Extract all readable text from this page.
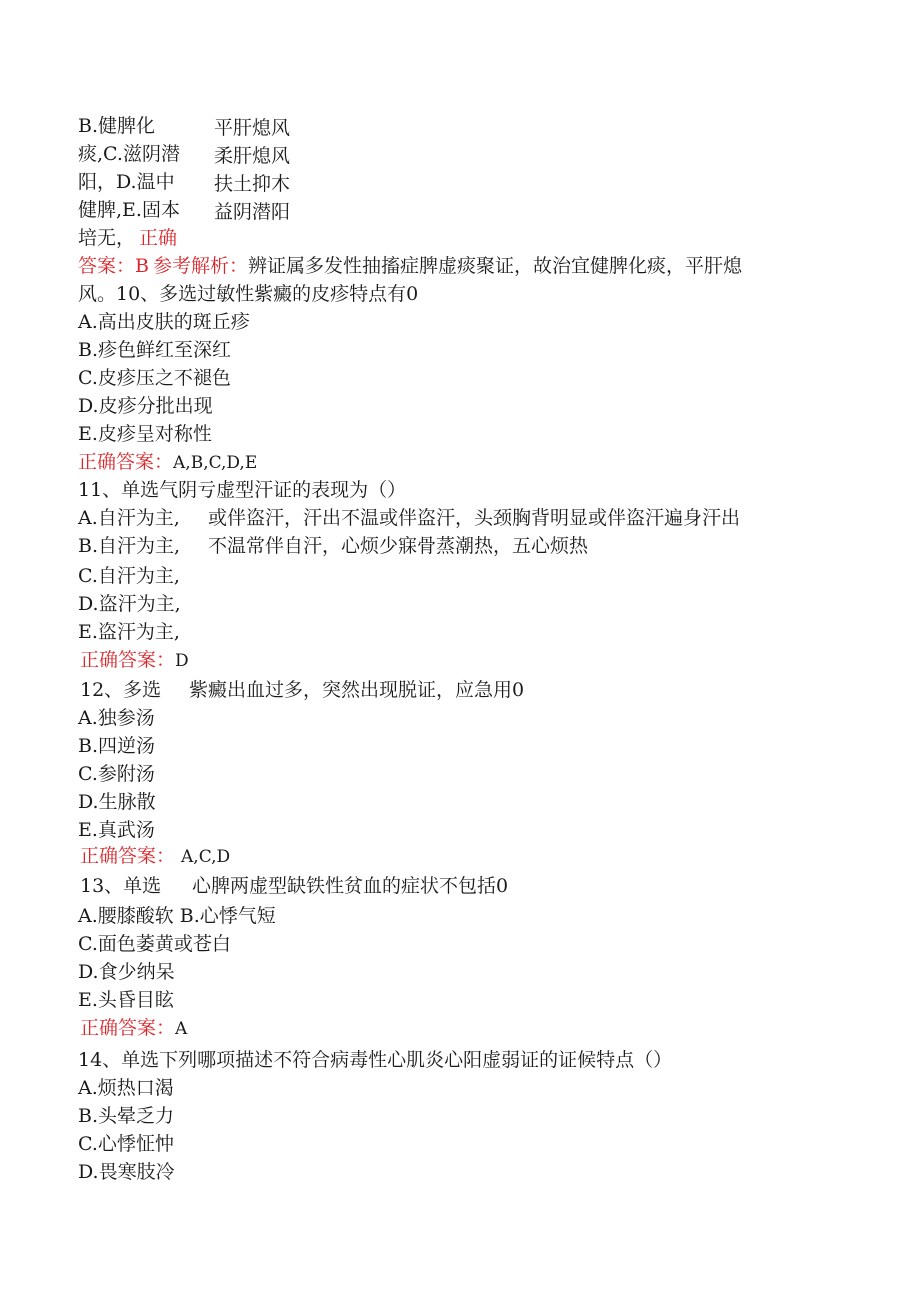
B.健脾化
痰,C.滋阴潜
阳，D.温中
健脾,E.固本
培无， 正确
平肝熄风
柔肝熄风
扶土抑木
益阴潜阳
答案：B 参考解析：辨证属多发性抽搐症脾虚痰聚证，故治宜健脾化痰，平肝熄
风。10、多选过敏性紫癜的皮疹特点有0
A.高出皮肤的斑丘疹
B.疹色鲜红至深红
C.皮疹压之不褪色
D.皮疹分批出现
E.皮疹呈对称性
正确答案：A,B,C,D,E
11、单选气阴亏虚型汗证的表现为（）
A.自汗为主, 或伴盗汗，汗出不温或伴盗汗，头颈胸背明显或伴盗汗遍身汗出
B.自汗为主, 不温常伴自汗，心烦少寐骨蒸潮热，五心烦热
C.自汗为主,
D.盗汗为主,
E.盗汗为主,
正确答案：D
12、多选 紫癜出血过多，突然出现脱证，应急用0
A.独参汤
B.四逆汤
C.参附汤
D.生脉散
E.真武汤
正确答案： A,C,D
13、单选 心脾两虚型缺铁性贫血的症状不包括0
A.腰膝酸软 B.心悸气短
C.面色萎黄或苍白
D.食少纳呆
E.头昏目眩
正确答案：A
14、单选下列哪项描述不符合病毒性心肌炎心阳虚弱证的证候特点（）
A.烦热口渴
B.头晕乏力
C.心悸怔忡
D.畏寒肢冷
